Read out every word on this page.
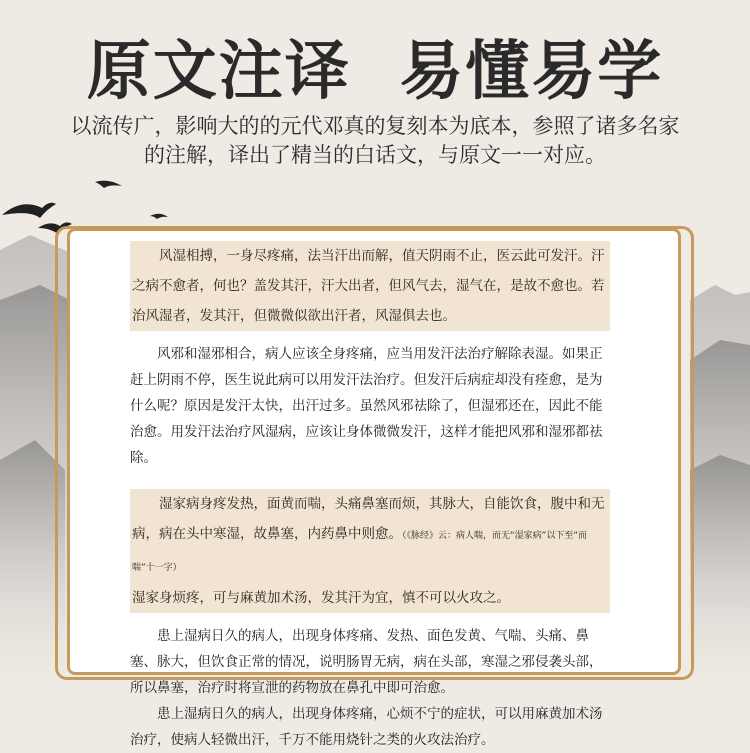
原文注译  易懂易学
以流传广，影响大的的元代邓真的复刻本为底本，参照了诸多名家的注解，译出了精当的白话文，与原文一一对应。

风湿相搏，一身尽疼痛，法当汗出而解，值天阴雨不止，医云此可发汗。汗之病不愈者，何也？盖发其汗，汗大出者，但风气去，湿气在，是故不愈也。若治风湿者，发其汗，但微微似欲出汗者，风湿俱去也。

风邪和湿邪相合，病人应该全身疼痛，应当用发汗法治疗解除表湿。如果正赶上阴雨不停，医生说此病可以用发汗法治疗。但发汗后病症却没有痊愈，是为什么呢？原因是发汗太快，出汗过多。虽然风邪祛除了，但湿邪还在，因此不能治愈。用发汗法治疗风湿病，应该让身体微微发汗，这样才能把风邪和湿邪都祛除。

湿家病身疼发热，面黄而喘，头痛鼻塞而烦，其脉大，自能饮食，腹中和无病，病在头中寒湿，故鼻塞，内药鼻中则愈。（《脉经》云：病人喘，而无“湿家病”以下至“而喘”十一字）
湿家身烦疼，可与麻黄加术汤，发其汗为宜，慎不可以火攻之。

患上湿病日久的病人，出现身体疼痛、发热、面色发黄、气喘、头痛、鼻塞、脉大，但饮食正常的情况，说明肠胃无病，病在头部，寒湿之邪侵袭头部，所以鼻塞，治疗时将宣泄的药物放在鼻孔中即可治愈。

患上湿病日久的病人，出现身体疼痛，心烦不宁的症状，可以用麻黄加术汤治疗，使病人轻微出汗，千万不能用烧针之类的火攻法治疗。
